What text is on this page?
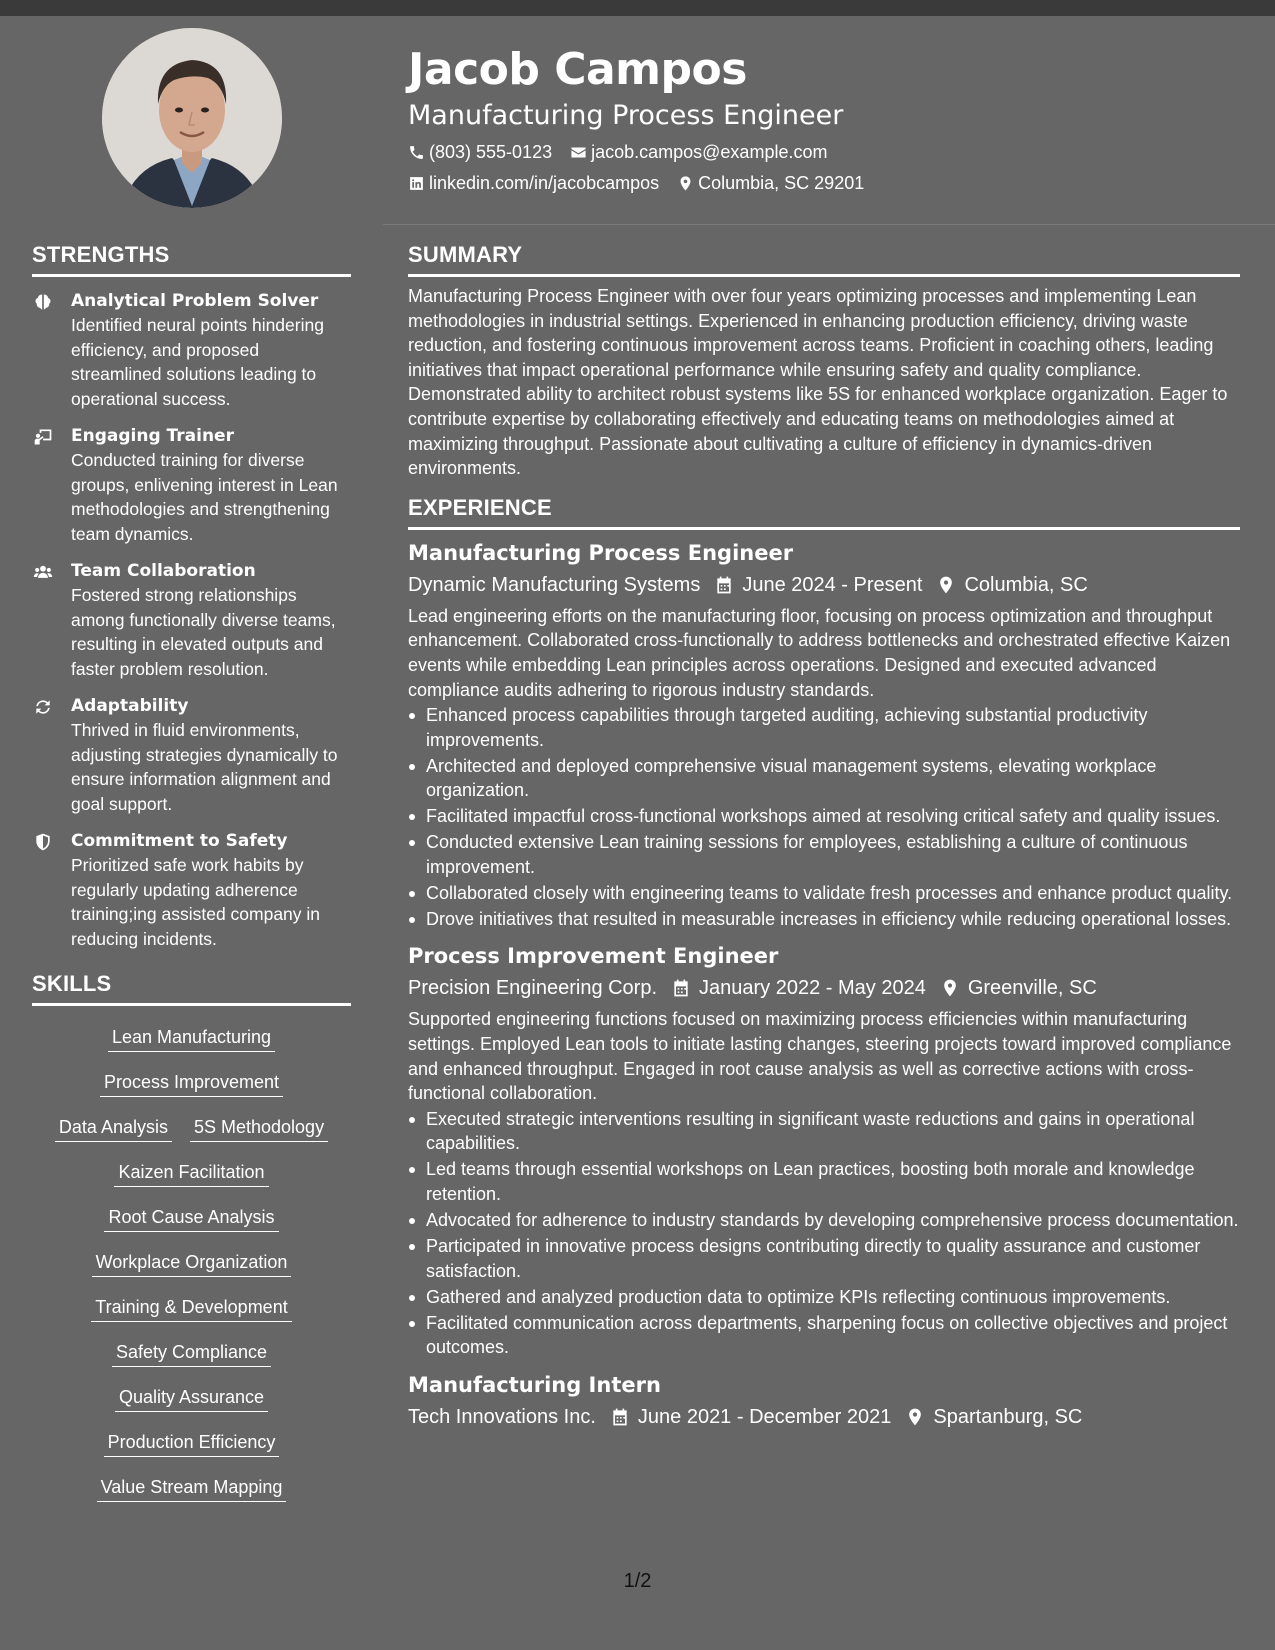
Jacob Campos
Manufacturing Process Engineer
(803) 555-0123 jacob.campos@example.com
linkedin.com/in/jacobcampos Columbia, SC 29201
STRENGTHS
Analytical Problem Solver
Identified neural points hindering efficiency, and proposed streamlined solutions leading to operational success.
Engaging Trainer
Conducted training for diverse groups, enlivening interest in Lean methodologies and strengthening team dynamics.
Team Collaboration
Fostered strong relationships among functionally diverse teams, resulting in elevated outputs and faster problem resolution.
Adaptability
Thrived in fluid environments, adjusting strategies dynamically to ensure information alignment and goal support.
Commitment to Safety
Prioritized safe work habits by regularly updating adherence training;ing assisted company in reducing incidents.
SKILLS
Lean Manufacturing
Process Improvement
Data Analysis 5S Methodology
Kaizen Facilitation
Root Cause Analysis
Workplace Organization
Training & Development
Safety Compliance
Quality Assurance
Production Efficiency
Value Stream Mapping
SUMMARY
Manufacturing Process Engineer with over four years optimizing processes and implementing Lean methodologies in industrial settings. Experienced in enhancing production efficiency, driving waste reduction, and fostering continuous improvement across teams. Proficient in coaching others, leading initiatives that impact operational performance while ensuring safety and quality compliance. Demonstrated ability to architect robust systems like 5S for enhanced workplace organization. Eager to contribute expertise by collaborating effectively and educating teams on methodologies aimed at maximizing throughput. Passionate about cultivating a culture of efficiency in dynamics-driven environments.
EXPERIENCE
Manufacturing Process Engineer
Dynamic Manufacturing Systems June 2024 - Present Columbia, SC
Lead engineering efforts on the manufacturing floor, focusing on process optimization and throughput enhancement. Collaborated cross-functionally to address bottlenecks and orchestrated effective Kaizen events while embedding Lean principles across operations. Designed and executed advanced compliance audits adhering to rigorous industry standards.
Enhanced process capabilities through targeted auditing, achieving substantial productivity improvements.
Architected and deployed comprehensive visual management systems, elevating workplace organization.
Facilitated impactful cross-functional workshops aimed at resolving critical safety and quality issues.
Conducted extensive Lean training sessions for employees, establishing a culture of continuous improvement.
Collaborated closely with engineering teams to validate fresh processes and enhance product quality.
Drove initiatives that resulted in measurable increases in efficiency while reducing operational losses.
Process Improvement Engineer
Precision Engineering Corp. January 2022 - May 2024 Greenville, SC
Supported engineering functions focused on maximizing process efficiencies within manufacturing settings. Employed Lean tools to initiate lasting changes, steering projects toward improved compliance and enhanced throughput. Engaged in root cause analysis as well as corrective actions with cross-functional collaboration.
Executed strategic interventions resulting in significant waste reductions and gains in operational capabilities.
Led teams through essential workshops on Lean practices, boosting both morale and knowledge retention.
Advocated for adherence to industry standards by developing comprehensive process documentation.
Participated in innovative process designs contributing directly to quality assurance and customer satisfaction.
Gathered and analyzed production data to optimize KPIs reflecting continuous improvements.
Facilitated communication across departments, sharpening focus on collective objectives and project outcomes.
Manufacturing Intern
Tech Innovations Inc. June 2021 - December 2021 Spartanburg, SC
1/2
